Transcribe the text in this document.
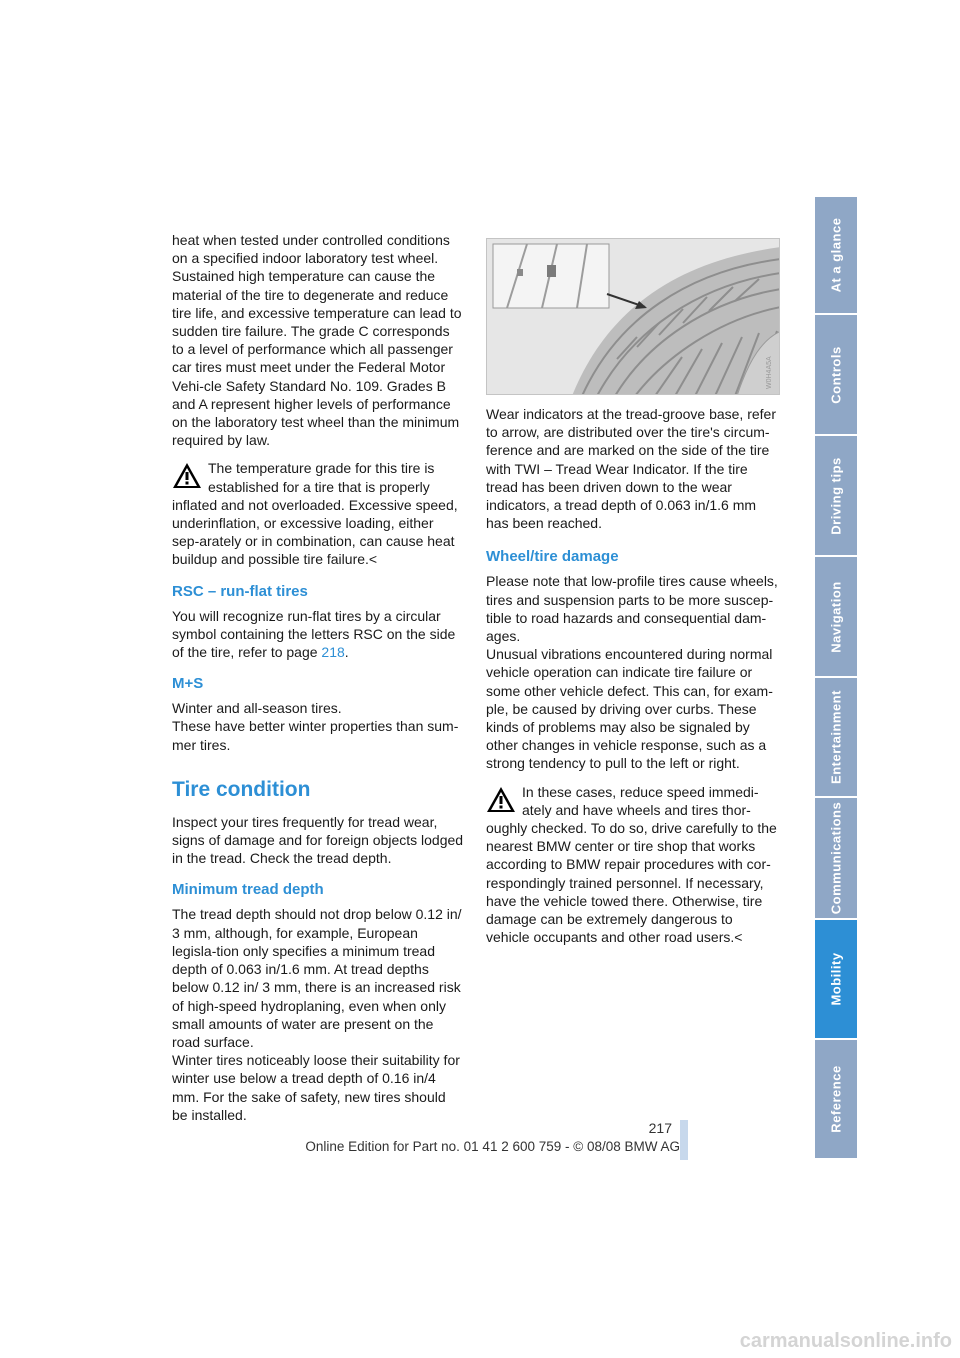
heat when tested under controlled conditions on a specified indoor laboratory test wheel. Sustained high temperature can cause the material of the tire to degenerate and reduce tire life, and excessive temperature can lead to sudden tire failure. The grade C corresponds to a level of performance which all passenger car tires must meet under the Federal Motor Vehi-cle Safety Standard No. 109. Grades B and A represent higher levels of performance on the laboratory test wheel than the minimum required by law.

The temperature grade for this tire is

established for a tire that is properly

inflated and not overloaded. Excessive speed, underinflation, or excessive loading, either sep-arately or in combination, can cause heat buildup and possible tire failure.<

RSC – run-flat tires

You will recognize run-flat tires by a circular symbol containing the letters RSC on the side of the tire, refer to page 218.

M+S

Winter and all-season tires.

These have better winter properties than sum-mer tires.

Tire condition

Inspect your tires frequently for tread wear, signs of damage and for foreign objects lodged in the tread. Check the tread depth.

Minimum tread depth

The tread depth should not drop below 0.12 in/ 3 mm, although, for example, European legisla-tion only specifies a minimum tread depth of 0.063 in/1.6 mm. At tread depths below 0.12 in/ 3 mm, there is an increased risk of high-speed hydroplaning, even when only small amounts of water are present on the road surface.

Winter tires noticeably loose their suitability for winter use below a tread depth of 0.16 in/4 mm. For the sake of safety, new tires should be installed.

W0H4A5A

Wear indicators at the tread-groove base, refer to arrow, are distributed over the tire's circum-ference and are marked on the side of the tire with TWI – Tread Wear Indicator. If the tire tread has been driven down to the wear indicators, a tread depth of 0.063 in/1.6 mm has been reached.

Wheel/tire damage

Please note that low-profile tires cause wheels, tires and suspension parts to be more suscep-tible to road hazards and consequential dam-ages.

Unusual vibrations encountered during normal vehicle operation can indicate tire failure or some other vehicle defect. This can, for exam-ple, be caused by driving over curbs. These kinds of problems may also be signaled by other changes in vehicle response, such as a strong tendency to pull to the left or right.

In these cases, reduce speed immedi-

ately and have wheels and tires thor-

oughly checked. To do so, drive carefully to the nearest BMW center or tire shop that works according to BMW repair procedures with cor-respondingly trained personnel. If necessary, have the vehicle towed there. Otherwise, tire damage can be extremely dangerous to vehicle occupants and other road users.<

At a glance
Controls
Driving tips
Navigation
Entertainment
Communications
Mobility
Reference
217
Online Edition for Part no. 01 41 2 600 759 - © 08/08 BMW AG
carmanualsonline.info
